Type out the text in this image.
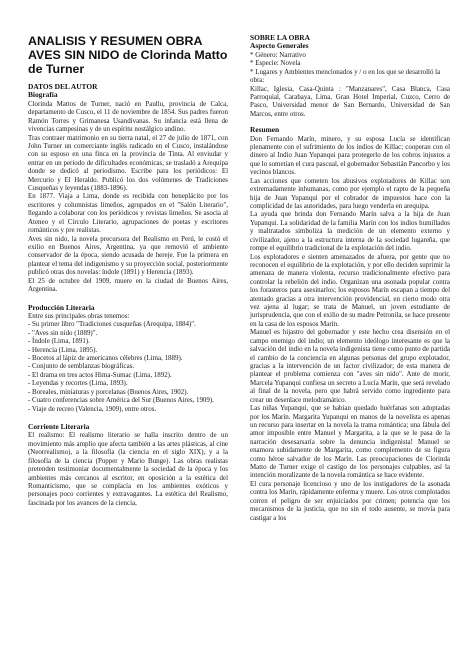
ANALISIS Y RESUMEN OBRA AVES SIN NIDO de Clorinda Matto de Turner
DATOS DEL AUTOR
Biografía

Clorinda Mattos de Turner, nació en Paullu, provincia de Calca, departamento de Cusco, el 11 de noviembre de 1854. Sus padres fueron Ramón Torres y Grimanesa Usandivanas. Su infancia está llena de vivencias campesinas y de un espíritu nostálgico andino.

Tras contraer matrimonio en su tierra natal, el 27 de julio de 1871, con John Turner un comerciante inglés radicado en el Cusco, instalándose con su esposo en una finca en la provincia de Tinta. Al enviudar y entrar en un periodo de dificultades económicas, se trasladó a Arequipa donde se dedicó al periodismo. Escribe para los periódicos: El Mercurio y El Heraldo. Publicó los dos volúmenes de Tradiciones Cusqueñas y leyendas (1883-1896).

En 1877. Viaja a Lima, donde es recibida con beneplácito por los escritores y columnistas limeños, agrupados en el "Salón Literario", llegando a colaborar con los periódicos y revistas limeños. Se asocia al Ateneo y el Círculo Literario, agrupaciones de poetas y escritores románticos y pre realistas.

Aves sin nido, la novela precursora del Realismo en Perú, le costó el exilio en Buenos Aires, Argentina, ya que removió el ambiente conservador de la época, siendo acusada de hereje. Fue la primera en plantear el tema del indigenismo y su proyección social, posteriormente publicó otras dos novelas: índole (1891) y Herencia (1893).

El 25 de octubre del 1909, muere en la ciudad de Buenos Aires, Argentina.

Producción Literaria

Entre sus principales obras tenemos:

- Su primer libro "Tradiciones cusqueñas (Arequipa, 1884)".
- "Aves sin nido (1889)".
- Índole (Lima, 1891).
- Herencia (Lima, 1895).
- Bocetos al lápiz de americanos célebres (Lima, 1889).
- Conjunto de semblanzas biográficas.
- El drama en tres actos Hima-Sumac (Lima, 1892).
- Leyendas y recortes (Lima, 1893).
- Boreales, miniaturas y porcelanas (Buenos Aires, 1902).
- Cuatro conferencias sobre América del Sur (Buenos Aires, 1909).
- Viaje de recreo (Valencia, 1909), entre otros.
Corriente Literaria

El realismo: El realismo literario se halla inscrito dentro de un movimiento más amplio que afecta también a las artes plásticas, al cine (Neorrealismo), a la filosofía (la ciencia en el siglo XIX), y a la filosofía de la ciencia (Popper y Mario Bunge). Las obras realistas pretenden testimoniar documentalmente la sociedad de la época y los ambientes más cercanos al escritor, en oposición a la estética del Romanticismo, que se complacía en los ambientes exóticos y personajes poco corrientes y extravagantes. La estética del Realismo, fascinada por los avances de la ciencia,

SOBRE LA OBRA
Aspecto Generales
* Género: Narrativo
* Especie: Novela
* Lugares y Ambientes mencionados y / o en los que se desarrolló la obra:

Killac, Iglesia, Casa-Quinta : "Manzanares", Casa Blanca, Casa Parroquial, Carabaya, Lima, Gran Hotel Imperial, Cuzco, Cerro de Pasco, Universidad menor de San Bernardo, Universidad de San Marcos, entre otros.

Resumen

Don Fernando Marín, minero, y su esposa Lucía se identifican plenamente con el sufrimiento de los indios de Killac; cooperan con el dinero al Indio Juan Yupanqui para protegerlo de los cobros injustos a que lo sometían el cura pascual, el gobernador Sebastián Pancorbo y los vecinos blancos.

Las acciones que cometen los abusivos explotadores de Killac son extremadamente inhumanas, como por ejemplo el rapto de la pequeña hija de Juan Yupanqui por el cobrador de impuestos hace con la complicidad de las autoridades, para luego venderla en arequipa.

La ayuda que brinda don Fernando Marín salva a la hija de Juan Yupanqui. La solidaridad de la familia Marín con los indios humillados y maltratados simboliza la medición de un elemento externo y civilizador, ajeno a la estructura interna de la sociedad lugareña, que rompe el equilibrio tradicional de la explotación del indio.

Los explotadores e sienten amenazados de afuera, por gente que no reconocen el equilibrio de la explotación, y por ello deciden suprimir la amenaza de manera violenta, recurso tradicionalmente efectivo para controlar la rebelión del indio. Organizan una asonada popular contra los forasteros para asesinarlos; los esposos Marín escapan a tiempo del atentado gracias a otra intervención providencial, en cierto modo otra vez ajena al lugar; se trata de Manuel, un joven estudiante de jurisprudencia, que con el exilio de su madre Petronila, se hace presente en la casa de los esposos Marín.

Manuel es hijastro del gobernador y este hecho crea disensión en el campo enemigo del indio; un elemento ideólogo interesante es que la salvación del indio en la novela indigenista tiene como punto de partida el cambio de la conciencia en algunas personas del grupo explotador, gracias a la intervención de un factor civilizador; de esta manera de plantear el problema comienza con "aves sin nido". Ante de morir, Marcela Yupanqui confiesa un secreto a Lucía Marín, que será revelado al final de la novela, pero que habrá servido como ingrediente para crear un desenlace melodramático.

Las niñas Yupanqui, que se habían quedado huérfanas son adoptadas por los Marín. Margarita Yupanqui en manos de la novelista es apenas un recurso para insertar en la novela la trama romántica; una fábula del amor imposible entre Manuel y Margarita, a la que se le pasa de la narración desesarsaría sobre la denuncia indigenista! Manuel se enamora subidamente de Margarita, como complemento de su figura como héroe salvador de los Marín. Las preocupaciones de Clorinda Matto de Turner exige el castigo de los personajes culpables, así la intención moralizante de la novela romántica se hace evidente.

El cura personaje licencioso y uno de los instigadores de la asonada contra los Marín, rápidamente enferma y muere. Los otros complotados corren el peligro de ser enjuiciados por crimen; potencia que los mecanismos de la justicia, que no sin el todo ausente, se movía para castigar a los
